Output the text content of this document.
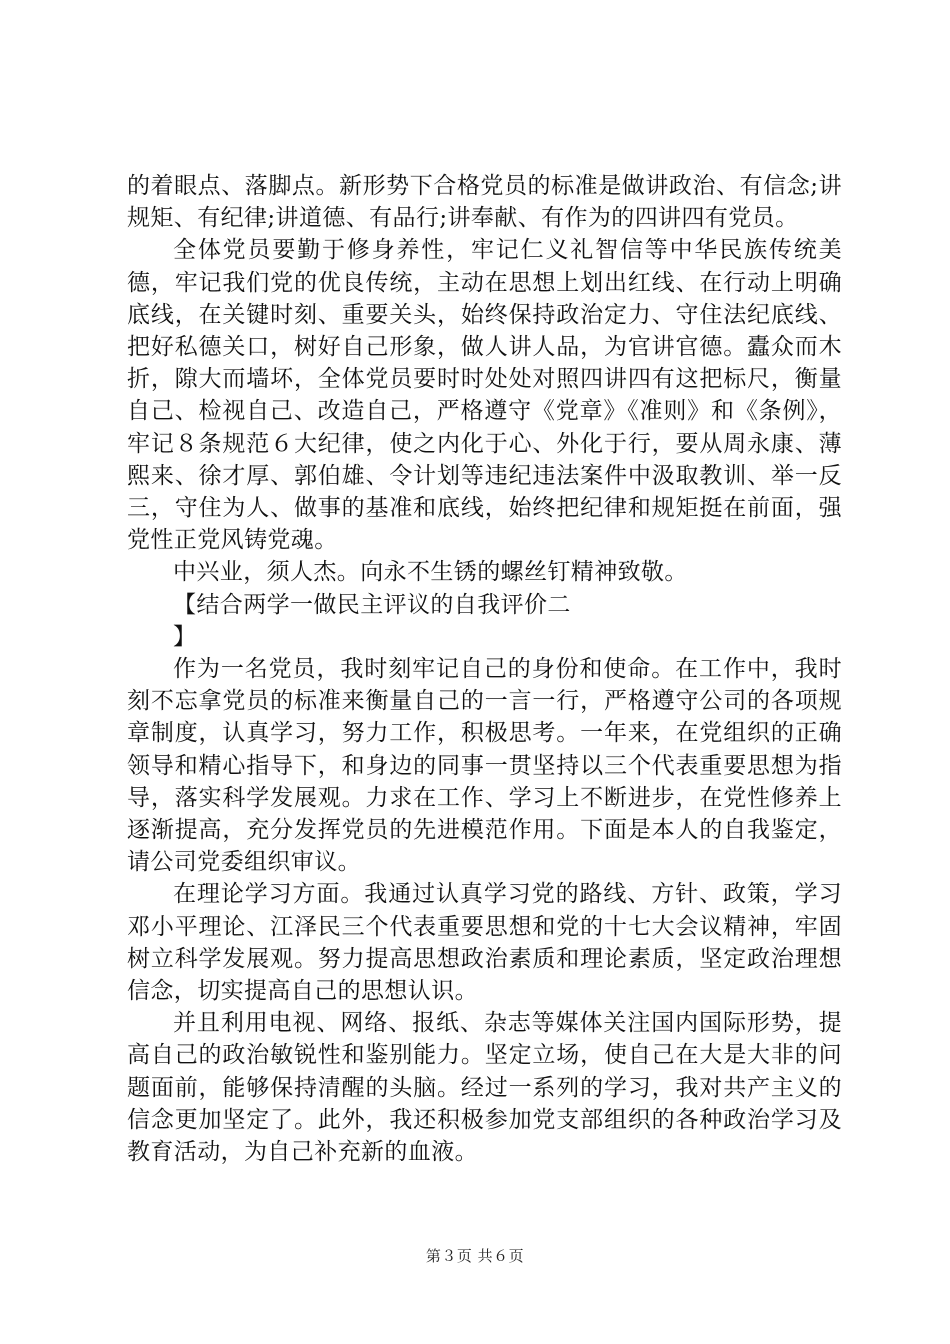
的着眼点、落脚点。新形势下合格党员的标准是做讲政治、有信念;讲规矩、有纪律;讲道德、有品行;讲奉献、有作为的四讲四有党员。

全体党员要勤于修身养性，牢记仁义礼智信等中华民族传统美德，牢记我们党的优良传统，主动在思想上划出红线、在行动上明确底线，在关键时刻、重要关头，始终保持政治定力、守住法纪底线、把好私德关口，树好自己形象，做人讲人品，为官讲官德。蠹众而木折，隙大而墙坏，全体党员要时时处处对照四讲四有这把标尺，衡量自己、检视自己、改造自己，严格遵守《党章》《准则》和《条例》，牢记８条规范６大纪律，使之内化于心、外化于行，要从周永康、薄熙来、徐才厚、郭伯雄、令计划等违纪违法案件中汲取教训、举一反三，守住为人、做事的基准和底线，始终把纪律和规矩挺在前面，强党性正党风铸党魂。

中兴业，须人杰。向永不生锈的螺丝钉精神致敬。

【结合两学一做民主评议的自我评价二

】

作为一名党员，我时刻牢记自己的身份和使命。在工作中，我时刻不忘拿党员的标准来衡量自己的一言一行，严格遵守公司的各项规章制度，认真学习，努力工作，积极思考。一年来，在党组织的正确领导和精心指导下，和身边的同事一贯坚持以三个代表重要思想为指导，落实科学发展观。力求在工作、学习上不断进步，在党性修养上逐渐提高，充分发挥党员的先进模范作用。下面是本人的自我鉴定，请公司党委组织审议。

在理论学习方面。我通过认真学习党的路线、方针、政策，学习邓小平理论、江泽民三个代表重要思想和党的十七大会议精神，牢固树立科学发展观。努力提高思想政治素质和理论素质，坚定政治理想信念，切实提高自己的思想认识。

并且利用电视、网络、报纸、杂志等媒体关注国内国际形势，提高自己的政治敏锐性和鉴别能力。坚定立场，使自己在大是大非的问题面前，能够保持清醒的头脑。经过一系列的学习，我对共产主义的信念更加坚定了。此外，我还积极参加党支部组织的各种政治学习及教育活动，为自己补充新的血液。

第３页 共６页
